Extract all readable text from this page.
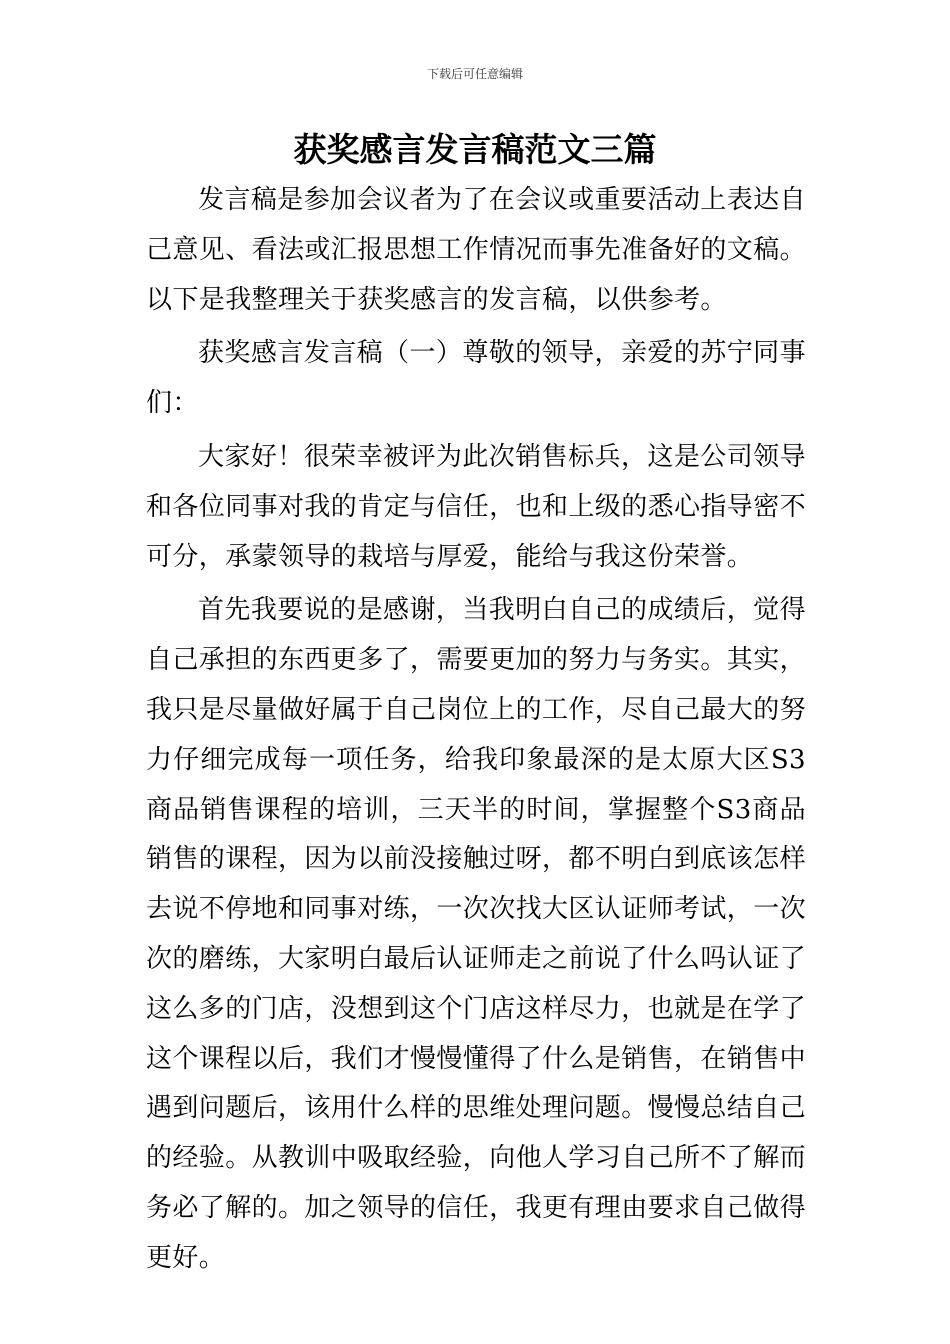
下载后可任意编辑
获奖感言发言稿范文三篇

发言稿是参加会议者为了在会议或重要活动上表达自己意见、看法或汇报思想工作情况而事先准备好的文稿。以下是我整理关于获奖感言的发言稿，以供参考。

获奖感言发言稿（一）尊敬的领导，亲爱的苏宁同事们：

大家好！很荣幸被评为此次销售标兵，这是公司领导和各位同事对我的肯定与信任，也和上级的悉心指导密不可分，承蒙领导的栽培与厚爱，能给与我这份荣誉。

首先我要说的是感谢，当我明白自己的成绩后，觉得自己承担的东西更多了，需要更加的努力与务实。其实，我只是尽量做好属于自己岗位上的工作，尽自己最大的努力仔细完成每一项任务，给我印象最深的是太原大区S3商品销售课程的培训，三天半的时间，掌握整个S3商品销售的课程，因为以前没接触过呀，都不明白到底该怎样去说不停地和同事对练，一次次找大区认证师考试，一次次的磨练，大家明白最后认证师走之前说了什么吗认证了这么多的门店，没想到这个门店这样尽力，也就是在学了这个课程以后，我们才慢慢懂得了什么是销售，在销售中遇到问题后，该用什么样的思维处理问题。慢慢总结自己的经验。从教训中吸取经验，向他人学习自己所不了解而务必了解的。加之领导的信任，我更有理由要求自己做得更好。
